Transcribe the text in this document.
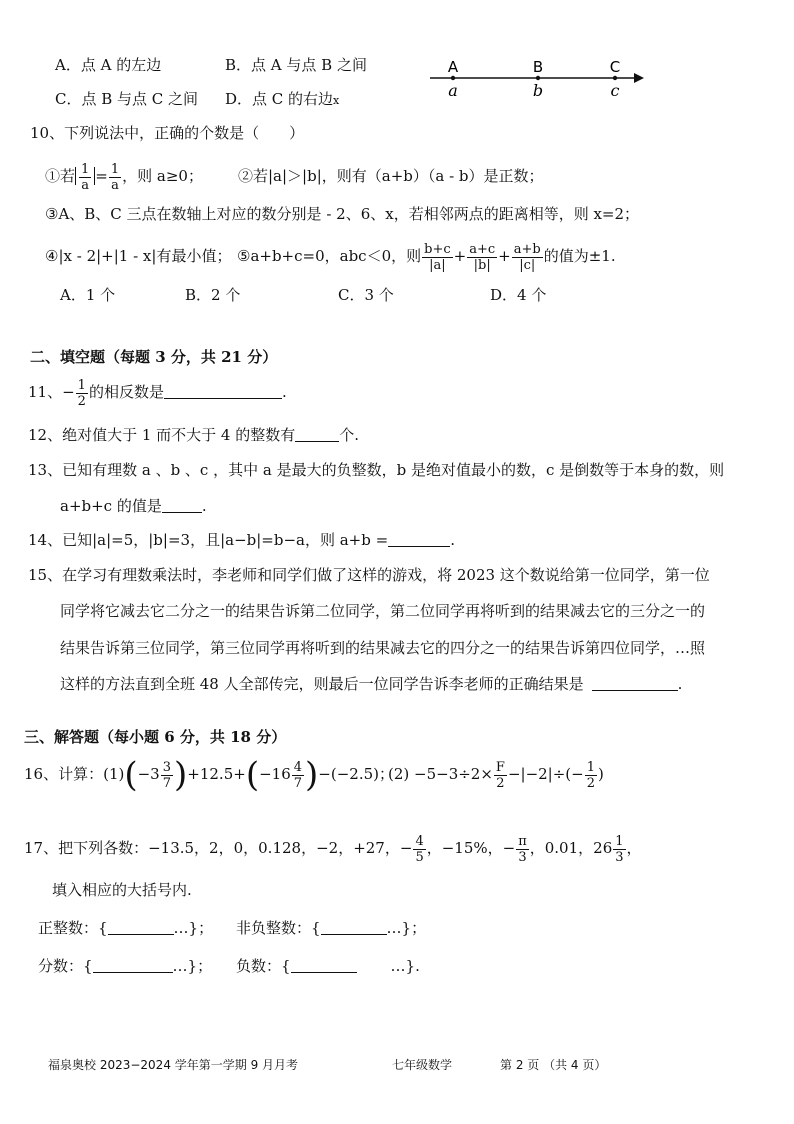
A．点 A 的左边	B．点 A 与点 B 之间
C．点 B 与点 C 之间 D．点 C 的右边x
A	B	C
a	b	c
10、下列说法中，正确的个数是（　　）
①若 $\frac{1}{a} = \frac{1}{a}$ ，则 a≥0； ②若|a|＞|b|，则有（a+b）（a - b）是正数；
③A、B、C 三点在数轴上对应的数分别是 - 2、6、x，若相邻两点的距离相等，则 x=2；
④|x - 2|+|1 - x|有最小值； ⑤a+b+c=0，abc＜0，则 $\frac{b+c}{|a|} + \frac{a+c}{|b|} + \frac{a+b}{|c|}$ 的值为±1.
A．1 个	B．2 个	C．3 个	D．4 个
二、填空题（每题 3 分，共 21 分）
11、− $\frac{1}{2}$ 的相反数是	.
12、绝对值大于 1 而不大于 4 的整数有	个.
13、已知有理数 a 、b 、c ，其中 a 是最大的负整数，b 是绝对值最小的数，c 是倒数等于本身的数，则
a+b+c 的值是	.
14、已知|a|=5，|b|=3，且|a−b|=b−a，则 a+b =	.
15、在学习有理数乘法时，李老师和同学们做了这样的游戏，将 2023 这个数说给第一位同学，第一位
同学将它减去它二分之一的结果告诉第二位同学，第二位同学再将听到的结果减去它的三分之一的
结果告诉第三位同学，第三位同学再将听到的结果减去它的四分之一的结果告诉第四位同学，…照
这样的方法直到全班 48 人全部传完，则最后一位同学告诉李老师的正确结果是	.
三、解答题（每小题 6 分，共 18 分）
16、计算：$(1)(-3 \frac{3}{7} )+12.5+(-16 \frac{4}{7} )-(-2.5)$；
$(2) -5-3\div 2\times \frac{F}{2} -|-2|\div(- \frac{1}{2}$ )
17、把下列各数：−13.5，2，0，0.128，−2，+27，− $\frac{4}{5}$ ，−15%，− $\frac{\pi}{3}$ ，0.01，$26 \frac{1}{3}$ ，
填入相应的大括号内.
正整数：{	…}； 非负整数：{	…}；
分数：{	…}； 负数：{	…}.
福泉奥校 2023−2024 学年第一学期 9 月月考	七年级数学	第 2 页 （共 4 页）
